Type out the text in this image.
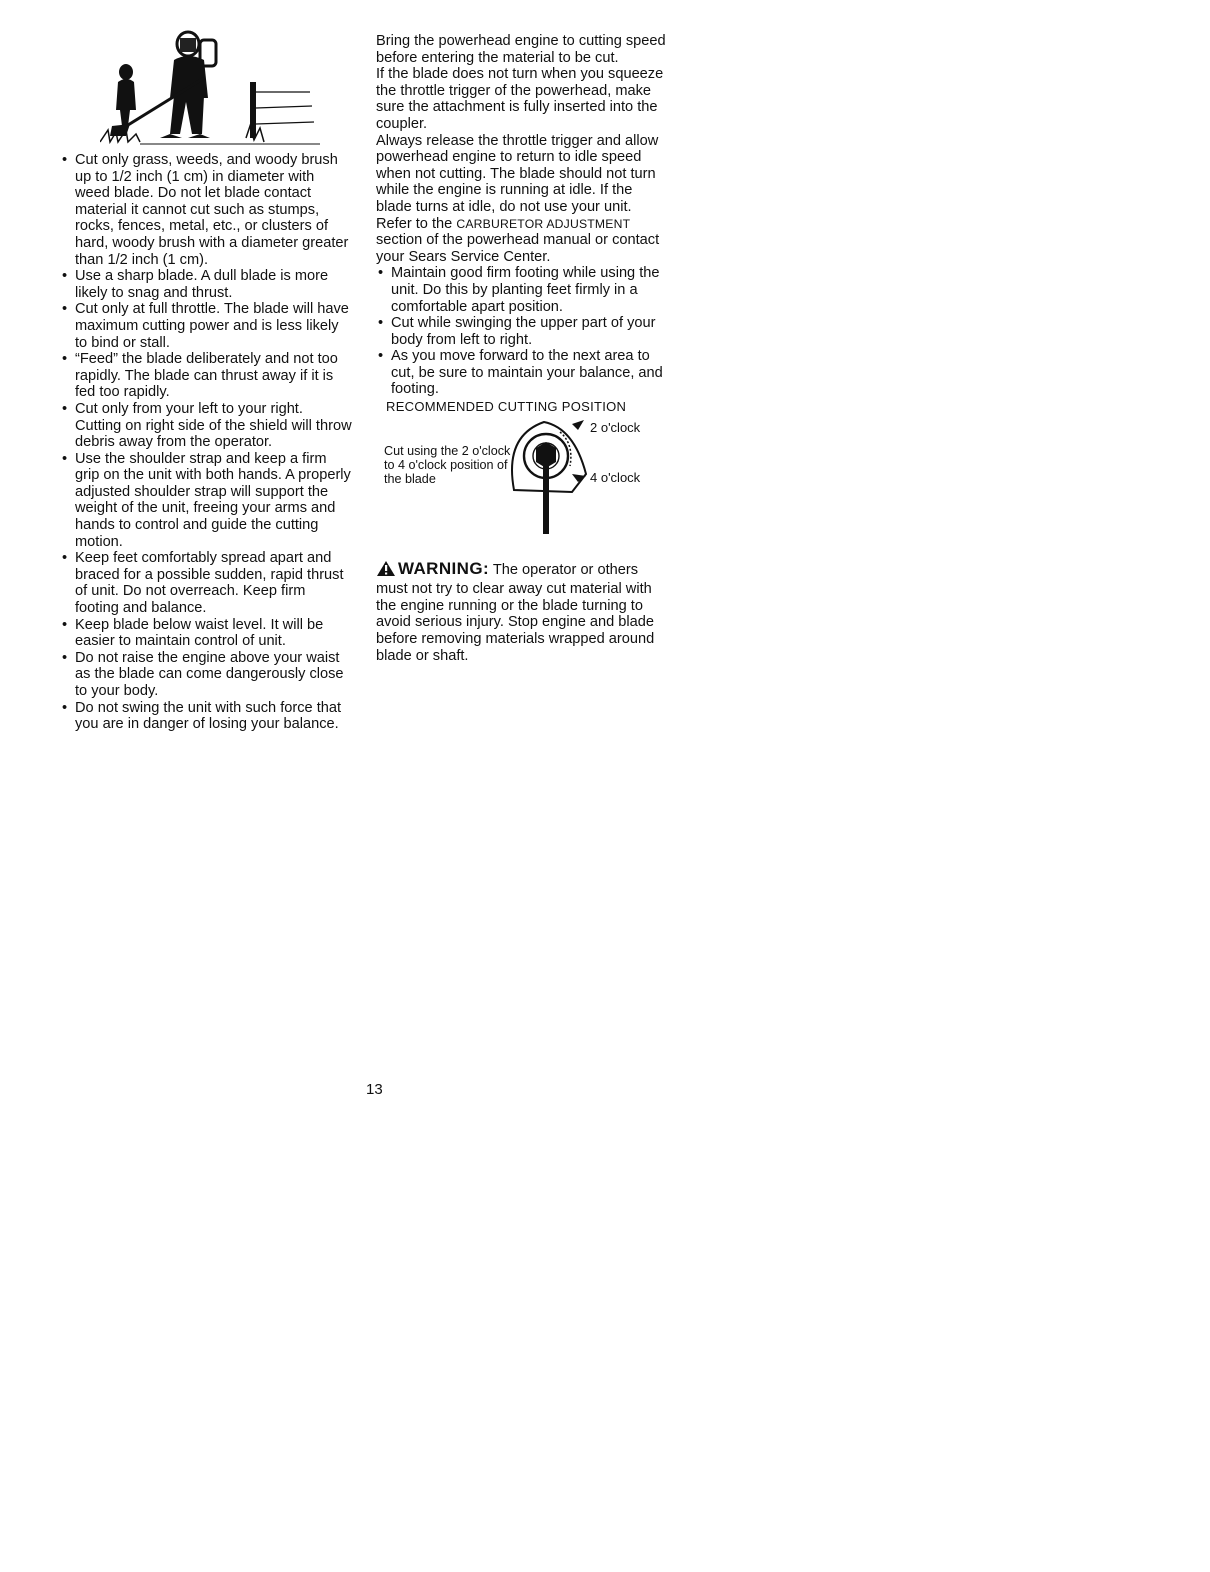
• Cut only grass, weeds, and woody brush up to 1/2 inch (1 cm) in diameter with weed blade. Do not let blade contact material it cannot cut such as stumps, rocks, fences, metal, etc., or clusters of hard, woody brush with a diameter greater than 1/2 inch (1 cm).
• Use a sharp blade. A dull blade is more likely to snag and thrust.
• Cut only at full throttle. The blade will have maximum cutting power and is less likely to bind or stall.
• “Feed” the blade deliberately and not too rapidly. The blade can thrust away if it is fed too rapidly.
• Cut only from your left to your right. Cutting on right side of the shield will throw debris away from the operator.
• Use the shoulder strap and keep a firm grip on the unit with both hands. A properly adjusted shoulder strap will support the weight of the unit, freeing your arms and hands to control and guide the cutting motion.
• Keep feet comfortably spread apart and braced for a possible sudden, rapid thrust of unit. Do not overreach. Keep firm footing and balance.
• Keep blade below waist level. It will be easier to maintain control of unit.
• Do not raise the engine above your waist as the blade can come dangerously close to your body.
• Do not swing the unit with such force that you are in danger of losing your balance.

Bring the powerhead engine to cutting speed before entering the material to be cut.

If the blade does not turn when you squeeze the throttle trigger of the powerhead, make sure the attachment is fully inserted into the coupler.

Always release the throttle trigger and allow powerhead engine to return to idle speed when not cutting. The blade should not turn while the engine is running at idle. If the blade turns at idle, do not use your unit. Refer to the CARBURETOR ADJUSTMENT section of the powerhead manual or contact your Sears Service Center.

• Maintain good firm footing while using the unit. Do this by planting feet firmly in a comfortable apart position.
• Cut while swinging the upper part of your body from left to right.
• As you move forward to the next area to cut, be sure to maintain your balance, and footing.
RECOMMENDED CUTTING POSITION
Cut using the 2 o'clock to 4 o'clock position of the blade
2 o'clock
4 o'clock
WARNING: The operator or others must not try to clear away cut material with the engine running or the blade turning to avoid serious injury. Stop engine and blade before removing materials wrapped around blade or shaft.
13
